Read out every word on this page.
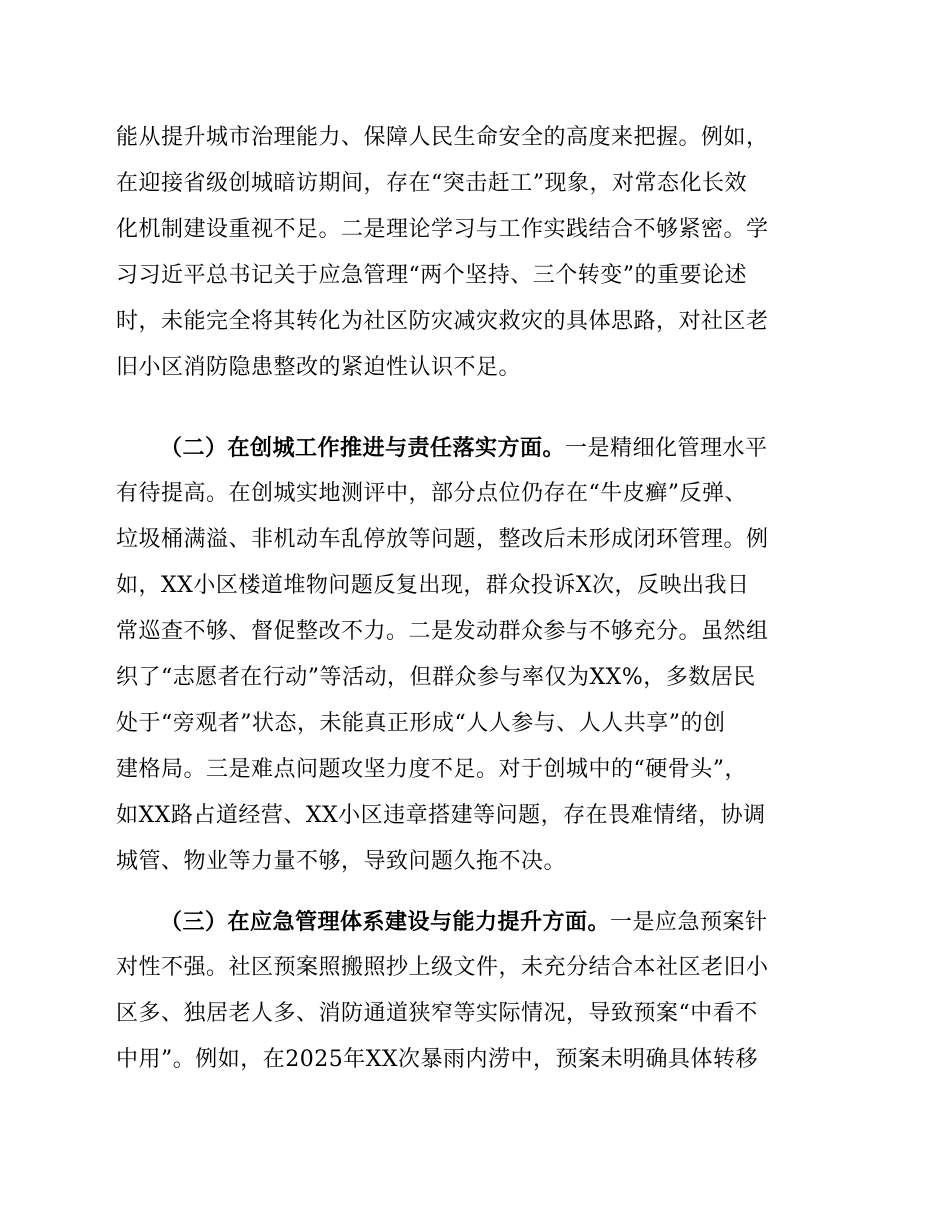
能从提升城市治理能力、保障人民生命安全的高度来把握。例如，
在迎接省级创城暗访期间，存在“突击赶工”现象，对常态化长效
化机制建设重视不足。二是理论学习与工作实践结合不够紧密。学
习习近平总书记关于应急管理“两个坚持、三个转变”的重要论述
时，未能完全将其转化为社区防灾减灾救灾的具体思路，对社区老
旧小区消防隐患整改的紧迫性认识不足。
（二）在创城工作推进与责任落实方面。一是精细化管理水平
有待提高。在创城实地测评中，部分点位仍存在“牛皮癣”反弹、
垃圾桶满溢、非机动车乱停放等问题，整改后未形成闭环管理。例
如，XX小区楼道堆物问题反复出现，群众投诉X次，反映出我日
常巡查不够、督促整改不力。二是发动群众参与不够充分。虽然组
织了“志愿者在行动”等活动，但群众参与率仅为XX%，多数居民
处于“旁观者”状态，未能真正形成“人人参与、人人共享”的创
建格局。三是难点问题攻坚力度不足。对于创城中的“硬骨头”，
如XX路占道经营、XX小区违章搭建等问题，存在畏难情绪，协调
城管、物业等力量不够，导致问题久拖不决。
（三）在应急管理体系建设与能力提升方面。一是应急预案针
对性不强。社区预案照搬照抄上级文件，未充分结合本社区老旧小
区多、独居老人多、消防通道狭窄等实际情况，导致预案“中看不
中用”。例如，在2025年XX次暴雨内涝中，预案未明确具体转移
